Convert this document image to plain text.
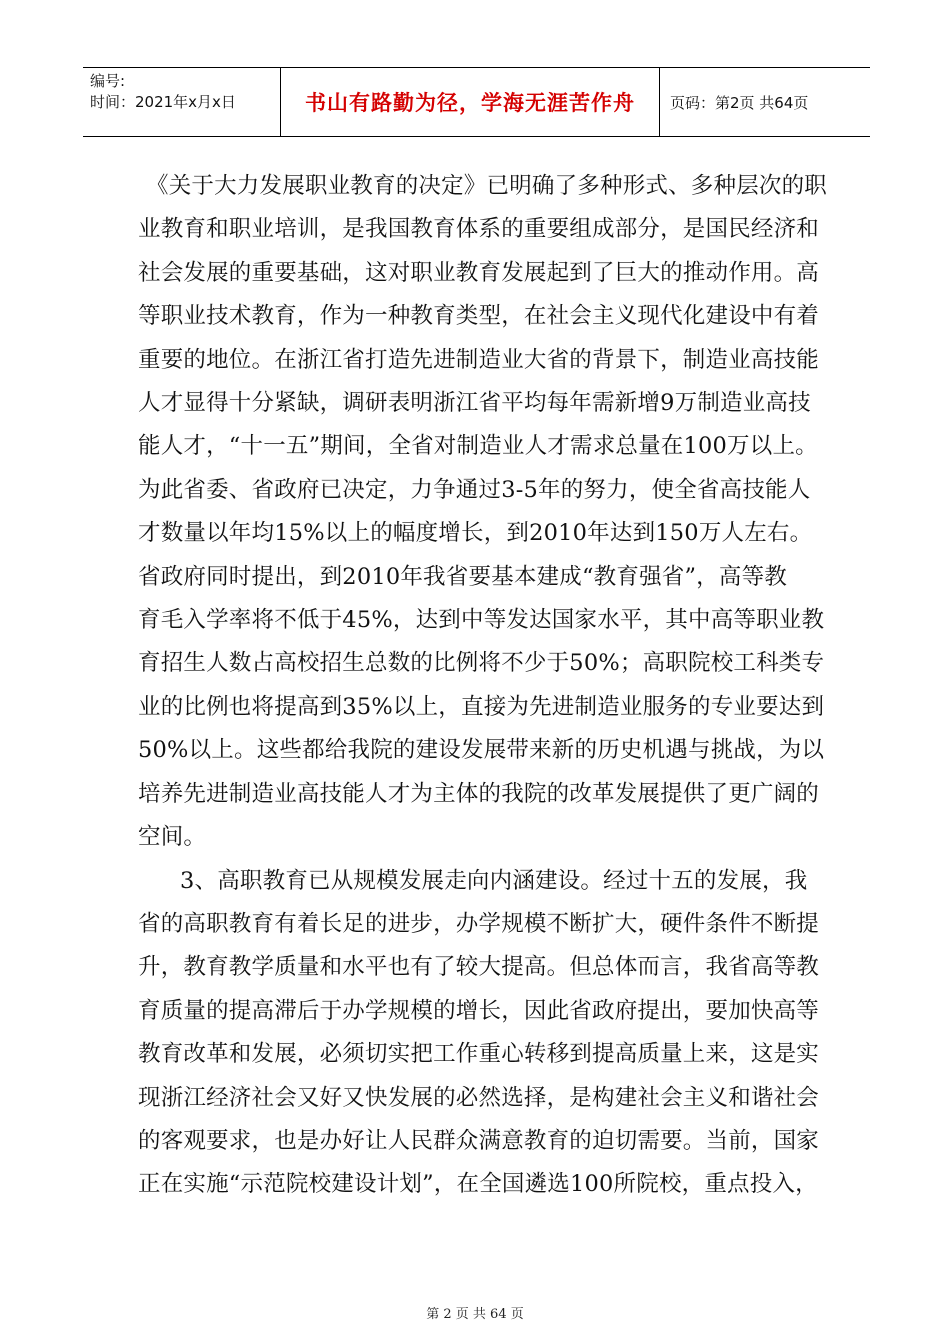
编号:
时间：2021年x月x日	书山有路勤为径，学海无涯苦作舟	页码：第2页 共64页
《关于大力发展职业教育的决定》已明确了多种形式、多种层次的职
业教育和职业培训，是我国教育体系的重要组成部分，是国民经济和
社会发展的重要基础，这对职业教育发展起到了巨大的推动作用。高
等职业技术教育，作为一种教育类型，在社会主义现代化建设中有着
重要的地位。在浙江省打造先进制造业大省的背景下，制造业高技能
人才显得十分紧缺，调研表明浙江省平均每年需新增9万制造业高技
能人才，“十一五”期间，全省对制造业人才需求总量在100万以上。
为此省委、省政府已决定，力争通过3-5年的努力，使全省高技能人
才数量以年均15%以上的幅度增长，到2010年达到150万人左右。
省政府同时提出，到2010年我省要基本建成“教育强省”，高等教
育毛入学率将不低于45%，达到中等发达国家水平，其中高等职业教
育招生人数占高校招生总数的比例将不少于50%；高职院校工科类专
业的比例也将提高到35%以上，直接为先进制造业服务的专业要达到
50%以上。这些都给我院的建设发展带来新的历史机遇与挑战，为以
培养先进制造业高技能人才为主体的我院的改革发展提供了更广阔的
空间。
3、高职教育已从规模发展走向内涵建设。经过十五的发展，我
省的高职教育有着长足的进步，办学规模不断扩大，硬件条件不断提
升，教育教学质量和水平也有了较大提高。但总体而言，我省高等教
育质量的提高滞后于办学规模的增长，因此省政府提出，要加快高等
教育改革和发展，必须切实把工作重心转移到提高质量上来，这是实
现浙江经济社会又好又快发展的必然选择，是构建社会主义和谐社会
的客观要求，也是办好让人民群众满意教育的迫切需要。当前，国家
正在实施“示范院校建设计划”，在全国遴选100所院校，重点投入，
第 2 页 共 64 页
